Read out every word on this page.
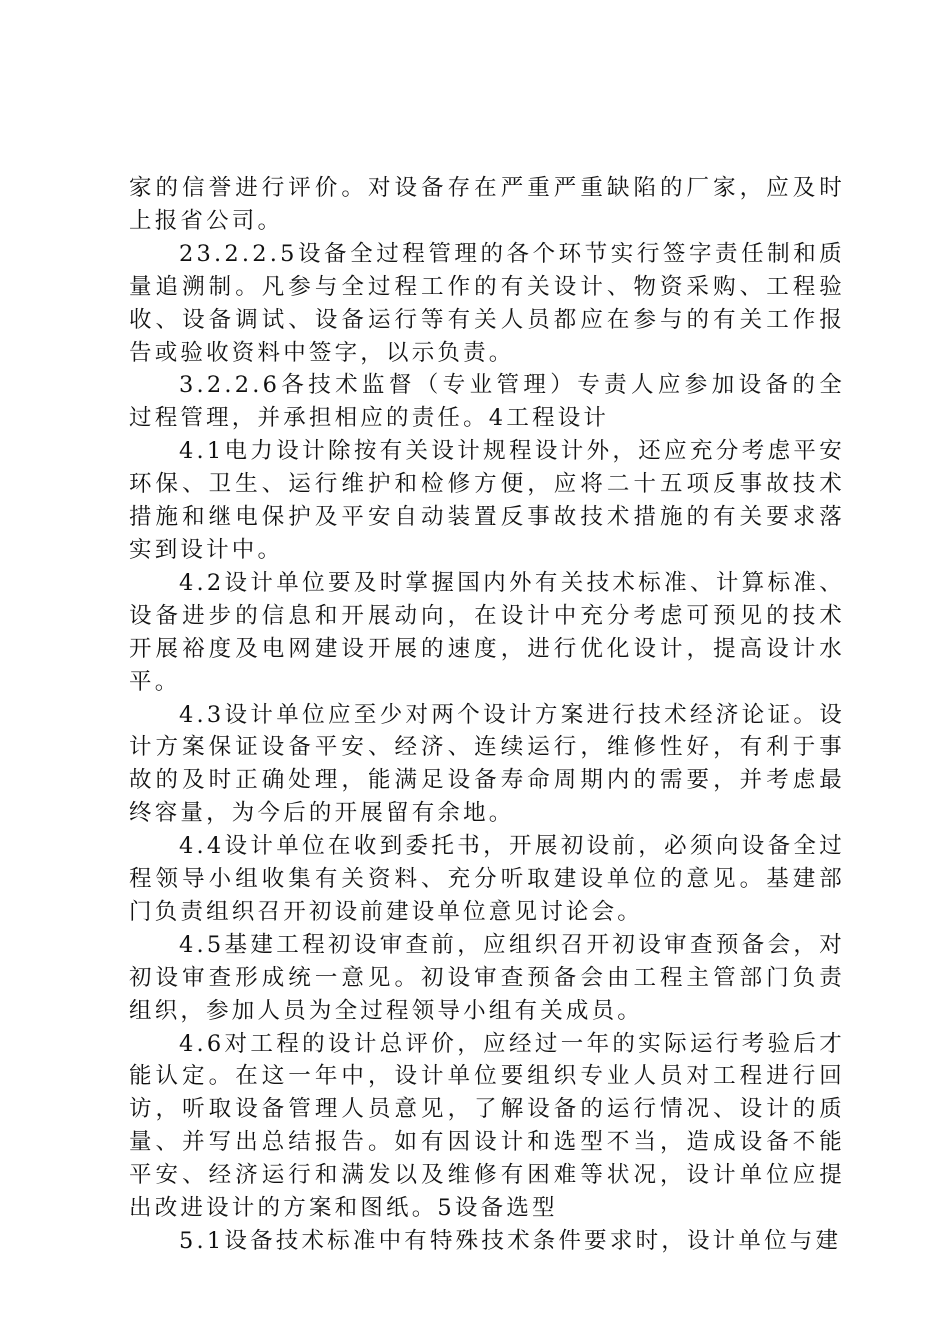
家的信誉进行评价。对设备存在严重严重缺陷的厂家，应及时上报省公司。

23.2.2.5设备全过程管理的各个环节实行签字责任制和质量追溯制。凡参与全过程工作的有关设计、物资采购、工程验收、设备调试、设备运行等有关人员都应在参与的有关工作报告或验收资料中签字，以示负责。

3.2.2.6各技术监督（专业管理）专责人应参加设备的全过程管理，并承担相应的责任。4工程设计

4.1电力设计除按有关设计规程设计外，还应充分考虑平安环保、卫生、运行维护和检修方便，应将二十五项反事故技术措施和继电保护及平安自动装置反事故技术措施的有关要求落实到设计中。

4.2设计单位要及时掌握国内外有关技术标准、计算标准、设备进步的信息和开展动向，在设计中充分考虑可预见的技术开展裕度及电网建设开展的速度，进行优化设计，提高设计水平。

4.3设计单位应至少对两个设计方案进行技术经济论证。设计方案保证设备平安、经济、连续运行，维修性好，有利于事故的及时正确处理，能满足设备寿命周期内的需要，并考虑最终容量，为今后的开展留有余地。

4.4设计单位在收到委托书，开展初设前，必须向设备全过程领导小组收集有关资料、充分听取建设单位的意见。基建部门负责组织召开初设前建设单位意见讨论会。

4.5基建工程初设审查前，应组织召开初设审查预备会，对初设审查形成统一意见。初设审查预备会由工程主管部门负责组织，参加人员为全过程领导小组有关成员。

4.6对工程的设计总评价，应经过一年的实际运行考验后才能认定。在这一年中，设计单位要组织专业人员对工程进行回访，听取设备管理人员意见，了解设备的运行情况、设计的质量、并写出总结报告。如有因设计和选型不当，造成设备不能平安、经济运行和满发以及维修有困难等状况，设计单位应提出改进设计的方案和图纸。5设备选型

5.1设备技术标准中有特殊技术条件要求时，设计单位与建
